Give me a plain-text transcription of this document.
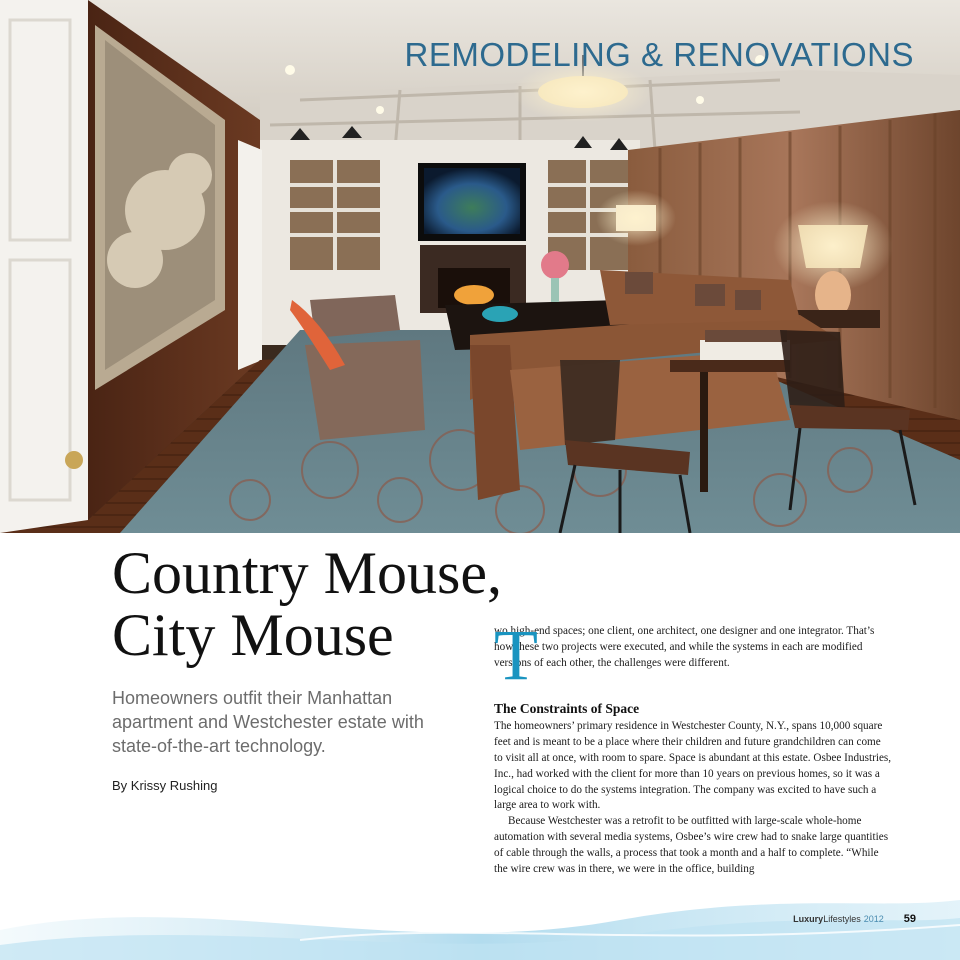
REMODELING & RENOVATIONS
Country Mouse,
City Mouse

Homeowners outfit their Manhattan apartment and Westchester estate with state-of-the-art technology.

By Krissy Rushing

T

wo high-end spaces; one client, one architect, one designer and one integrator. That’s how these two projects were executed, and while the systems in each are modified versions of each other, the challenges were different.

The Constraints of Space

The homeowners’ primary residence in Westchester County, N.Y., spans 10,000 square feet and is meant to be a place where their children and future grandchildren can come to visit all at once, with room to spare. Space is abundant at this estate. Osbee Industries, Inc., had worked with the client for more than 10 years on previous homes, so it was a logical choice to do the systems integration. The company was excited to have such a large area to work with.

Because Westchester was a retrofit to be outfitted with large-scale whole-home automation with several media systems, Osbee’s wire crew had to snake large quantities of cable through the walls, a process that took a month and a half to complete. “While the wire crew was in there, we were in the office, building

LuxuryLifestyles 2012 59
